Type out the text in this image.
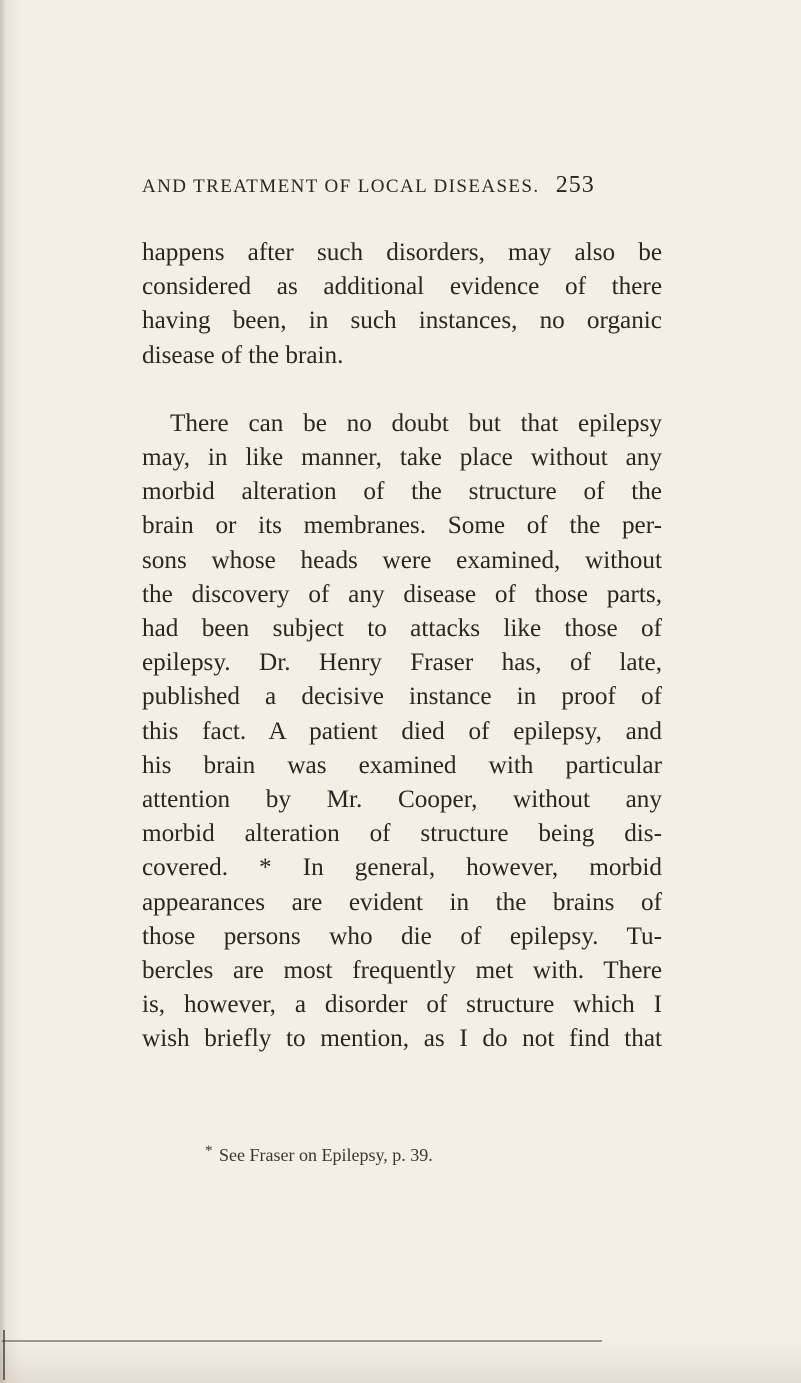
AND TREATMENT OF LOCAL DISEASES. 253
happens after such disorders, may also be
considered as additional evidence of there
having been, in such instances, no organic
disease of the brain.
There can be no doubt but that epilepsy
may, in like manner, take place without any
morbid alteration of the structure of the
brain or its membranes. Some of the per-
sons whose heads were examined, without
the discovery of any disease of those parts,
had been subject to attacks like those of
epilepsy. Dr. Henry Fraser has, of late,
published a decisive instance in proof of
this fact. A patient died of epilepsy, and
his brain was examined with particular
attention by Mr. Cooper, without any
morbid alteration of structure being dis-
covered. * In general, however, morbid
appearances are evident in the brains of
those persons who die of epilepsy. Tu-
bercles are most frequently met with. There
is, however, a disorder of structure which I
wish briefly to mention, as I do not find that
* See Fraser on Epilepsy, p. 39.
